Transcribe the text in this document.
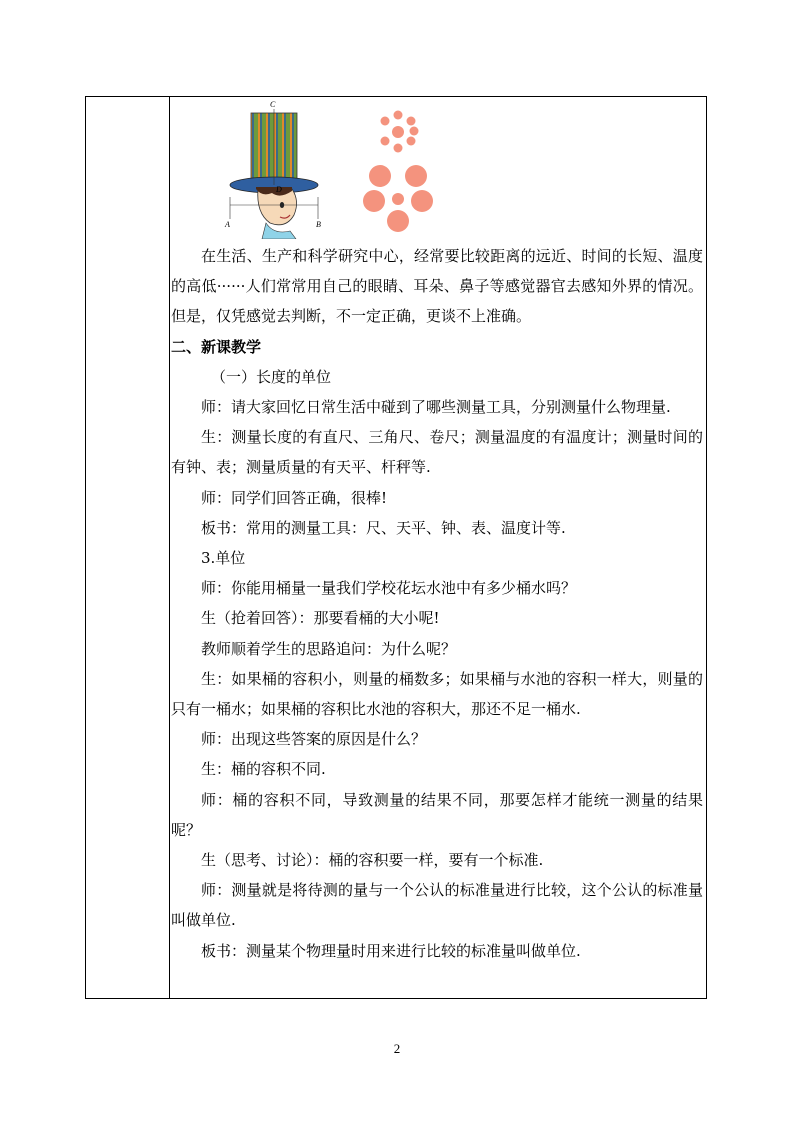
C
D
A	B

在生活、生产和科学研究中心，经常要比较距离的远近、时间的长短、温度的高低······人们常常用自己的眼睛、耳朵、鼻子等感觉器官去感知外界的情况。但是，仅凭感觉去判断，不一定正确，更谈不上准确。

二、新课教学

（一）长度的单位

师：请大家回忆日常生活中碰到了哪些测量工具，分别测量什么物理量.

生：测量长度的有直尺、三角尺、卷尺；测量温度的有温度计；测量时间的有钟、表；测量质量的有天平、杆秤等.

师：同学们回答正确，很棒!

板书：常用的测量工具：尺、天平、钟、表、温度计等.

3.单位

师：你能用桶量一量我们学校花坛水池中有多少桶水吗？

生（抢着回答）：那要看桶的大小呢!

教师顺着学生的思路追问：为什么呢？

生：如果桶的容积小，则量的桶数多；如果桶与水池的容积一样大，则量的只有一桶水；如果桶的容积比水池的容积大，那还不足一桶水.

师：出现这些答案的原因是什么？

生：桶的容积不同.

师：桶的容积不同，导致测量的结果不同，那要怎样才能统一测量的结果呢？

生（思考、讨论）：桶的容积要一样，要有一个标准.

师：测量就是将待测的量与一个公认的标准量进行比较，这个公认的标准量叫做单位.

板书：测量某个物理量时用来进行比较的标准量叫做单位.

2
